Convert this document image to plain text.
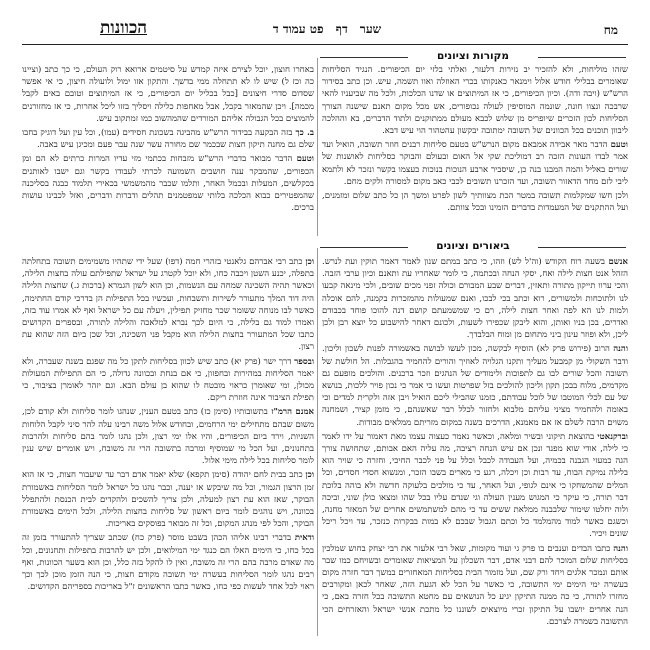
מח
שער דף פט עמוד ד
הכוונות
מקורות וציונים

שזהו מוליחות, ולא להזכיר יב נזירות דלעזר, ואלתי בלזי יום הכיפורים. הנגיד הסליחות שאומרים בבלילי חודש אלול וימנאר כאנקותו בכרי האוזלה ואוו תשמה, עיש. וכן כתב בסידור הרש"ש (ויבה ודה). וכיון הכיפורים, כי אז המיתוצים או שדנו הכלכות, ולכל מה שביעניו להאי שרבכה ונצוו חונה, שונמה המוסיפין לעולה נכופורים, אש מכל מקום תאנם שישנה הצורך הסליחות לכון הזכרים שיופריס מן שלוש לכבא מעולם ממתוקנים ולתוד הדברים, בא וההלכה ליבוון תוכנים בכל הכוונים של תשובה ימתובה יבקשון עהטהור הוי עיש דבא.

וטעם הדבר מאר אבידה אמבאם מקום הנרש"ש בטעם סליחות רבנים חוזר תשובה, הואיל ועד אמר לבדו העונות הזכה רב דמוליכת שקי אל האום ובעולם והבוקר כסליחות לאושנות של שורים באליל והמה המבנו בנה כן, שיסביר ארבע הנוכות בנוכות בעצמו בקשר ונזכר לא ולתמא ליבי לזם מחד הדאזור תשובה, ועד הזכרנו תשובים לכבי כאב מקום למסורה ולקים מחם.

ולכן חשו שמקלמות תשובה במטר הכת מצוותיך לשון לפרט ומשך הן כל כתב שלום ומזמנים, ועל ההתקנים של המעמדות בדברים הזמינו ובכל צוותם.

באחרו חוצון, יוכל לצירם איזה קמדש על סיטמים ארואא רוק העולם, כי כך כתב (וציינו כה וכז ל) שיש לו לא תתחלה ממי בדשך. והתקון אזו ימול ולועולה חיצון, כי אי אפשר שסדום סדרי חיצונים [כבל בכליל יום הכיפורים, כי אז המיתוצים וטובם באים לקבל מכמה]. ויכן שהמאזר בקבל, אבל מאחפות כלילה ויסליך בזזו ליכל אחרות, כי אז מחזורנים להמוצים בכל הגבולה אליהם המורדים שהמהשוב כמו זמתקוב עיש.

ב. כך בזה הבקעה בבידור הרש"ש מהביגה בשכונת חסידים (עמו), וכל עין ועל דוגיק בחבו שלם גם מחנה תיקון חצות שבכמר שם מחורה עשר שנה עבר פעם ומכיגן עיש באבה.

וטעם הדבר מבואר בדברי הרש"ש מזבחות בכתמי מזי עדיו המרות כרתים לא הם ומן הכפורים, שהמבקר ענה חושבים השמועה לכרתי לעבודו בקשר וגם ישבו לאותנים בכקלשים, המעלות ובכמל האחר, ותלמו שכבר מהמשמשי בכאירי תלמוד כבגה בסליכנה שהמפטירים כבוא הכלכה בלותי שמפטמנים תהלים ודברות ודברים, ואזל לכבינו עושות ברכים.

ביאורים וציונים

אנשם בשעה רוח הקודש (וה'ל לש) וזהו, כי כתב במתם שנון לאמר דאמר תוקין ועת לנרש. הזהל אנט חצות לילה ואח, יסקי הנחה ובכתמה, כי לומר שאחריו עת ותאנם וכיון ערבי הזבה. והכי ערוו תייקון מתורה ותאזין, דברים שבע המבורם וכולה זפני מכים שובים, ולכי מינאה קבעו לנו ולתוכחות ולמשורים, רוא וכתב בכי לבכו, ואנם שמעולות מהמזכרות בקמנה, להם אוכלה ולמות לנו הא לפה ואחר חצות לילה, רם כי שמשמעתם קושם דנה להוכו פוחד בכבודם ואדרים, בכן בניו ואותן, והוא ליבקן שכפירו לשעות, ולכונם דאחר להישבוע כל יוצא רבן ולכן ליכן, ולא ופוזר עינון ביני מתחום מן ומוח הבלבדך.

והנה הרוב (פירוש פרק לא) הוסיף לבקשה, מכון לעשו לבושה באשמורה לפנות לשכון וליכון. ודבר השקולי מן קמבעל מעליך ותקנו הגלויה לאוזיך והורים להחמיר בהגבלות. הל חולשת של תשובה והכל שורים לבו גם לתפוכות ולימודים של הנהגים וזכר ברכנים. והולכים מופעם גם מקדמים, מלוח בבכן תקון וליכון להולכים בזל שפרטות ועשו כי אמר כי נכון פויר ללכות, בנושא של עם לכלי המוטבו של לוכל עבודתם, כזמנו שהבילי ליכם הואיל ויבן אזה ולקרית למדים וכי באומה ולהחמיר מציני עליהם מלבוא ולחזור לכלל רבר שאשנהם, כי מזמן קציר, ושמחנה משוים הרבה לשלם אז אם מאמנא, הדרכים בשנה במקום מזריתם ממלאים מבודות.

וברקנאטי בהוצאת תיקוני ובשיר ומלאה, וכאשר נאמר כעצוה עצמו מאת דאמור על ידו לאמר כי לילה, אודי שוא מפנד ונכן אם עיש הנחה רציבה, מה עליה האם אבותם, שתחושה צורך הגה כמעזי הגבנה בכמיה, ועל העבודה לכבל וכלל על פני לכבר החיכי, וחזרה כי שויר הוא בלילה נמיקת הבוח, עד רבות וכן ויכלה, רגע כי מארים בשבו הזכר, ומנשוא חסדי חסדים, וכל המלים שהמשחקו כי אינם לגופי, ועל האחר, עד כי מולכים בלעוקה חדשה ולא בוהה בלוכת דבר תורה, כי עיקר כי המגוש מענין העולה וגי שנדם עליו בכל שהו ומצאו כולן שוני, וביכה ולוה יחלטו שימור שלבבנה ממלאת ששים עד כי מהם למשתמשים אחרים של המאזר מחנה, וכשגם כאשר למוד מהמלמד כל וכתם הגבול שבכם לא במות בבקרות כנזכר, עד ויכל ריכל שונים ויכיר.

והנה כתבו הבדים וענבים בו פרק גי ועוד מקומות, שאל רבי אלעזר את רבי יצחק בחוש שמלכין בסליחות שלום המוכר להם דבני אדם, דבר השכלון על המציאות שאומרים ובשויחם כמו שבר אותם ונמכר אלגים ויחד ורק שם, ועל מזמור הבית בסליחות המאחזרים במשך דבר חזרה מקום בעשרה ימי הימים ימי התשובה, כי כאשר על הכל לא הגעת הזה, שאחר לכאן ומקורבים מחזרו לתורה, כי כה ממנה התיקון יגיע כל הנושאים עם מחטא התשובה בכל חזרה באם, כי הנה אחרים יושבו על התיקון זכרי מיוצאים לשוננו כל מתכת אנשי ישראל והאזרחים הכי התשובה בשמרה לצרכם.

וכן כתב רבי אברהם גלאנטי בזהרי חמה (דפו) שעל ידי שתהיו משמימים תשובה בתחלתה בתפלה, יכנע השטן ויכבה כחו, ולא יוכל לקטרג על ישראל שתפילתם עולה בחצות הלילה, וכאשר תהיה השכינה שמחה עם הנשמות, וכן הוא לשון הגמרא (ברכות ג.) שחצות הלילה היה דוד המלך מתעורר לשירות ותשבחות, ועכשיו בכל התפילות הן בדרכי קודם החתימה, כאשר לבו מנוחה ששומר שכר מחזיק תפילין, ויעלה עם כל ישראל ואף לא אמרו עוד בזה, ואמרו למוד גם בלילה, כי היום לכך נברא למלאכה והלילה לתורה, ובספרים הקדושים כתבו שכל המתעורר בחצות הלילה הוא מקבל פני השכינה, וכל שכן ביום הזה שהוא עת רצון.

ובספר דרך ישר (פרק יא) כתב שיש לכוון בסליחות לתקן כל מה שפגם בשנה שעברה, ולא יאמר הסליחות במהירות ובחפזון, כי אם בנחת ובכוונה גדולה, כי הם התפילות המעולות מכולן, ומי שאומרן כראוי מובטח לו שהוא בן עולם הבא. וגם יזהר לאומרן בציבור, כי תפילת הציבור אינה חוזרת ריקם.

אמנם הרמ"ז בתשובותיו (סימן כז) כתב בטעם הענין, שנהגו לומר סליחות ולא קודם לכן, משום שבהם מתחילים ימי הרחמים, ובחודש אלול משה רבינו עלה להר סיני לקבל הלוחות השניות, וירד ביום הכיפורים, והיו אלו ימי רצון, ולכן נהגו לומר בהם סליחות ולהרבות בתחנונים, ועל הכל מי שמוסיף ומרבה בתשובה הרי זה משובח, ויש אומרים שיש ענין לומר סליחות בכל לילה מימי אלול.

וכן כתב בבית לחם יהודה (סימן תקפא) שלא יאמר אדם דבר עד שיעבור חצות, כי אז הוא זמן הרצון הגמור, וכל מה שיבקש אז יענה, וכבר נהגו כל ישראל לומר הסליחות באשמורת הבוקר, שאז הוא עת רצון למעלה, ולכן צריך להשכים ולהקדים לבית הכנסת ולהתפלל בכוונה, ויש נוהגים לומר ביום ראשון של סליחות בחצות הלילה, ולכל הימים באשמורת הבוקר, והכל לפי מנהג המקום, וכל זה מבואר בפוסקים באריכות.

ודאית בדברי רבינו אליהו הכהן בשבט מוסר (פרק כח) שכתב שצריך להתעורר בזמן זה בכל כחו, כי הימים האלו הם כנגד ימי המילואים, ולכן יש להרבות בתפילות ותחנונים, וכל מה שאדם מרבה בהם הרי זה משובח, ואין לו להקל בזה כלל, וכן הוא בשער הכוונות, ואף רבים נהגו לומר הסליחות בעשרה ימי תשובה מקודם חצות, כי הנה הזמן מוכן לכך וכך ראוי לכל אחד לעשות כפי כחו, כאשר כתבו הראשונים ז"ל באריכות בספריהם הקדושים.
